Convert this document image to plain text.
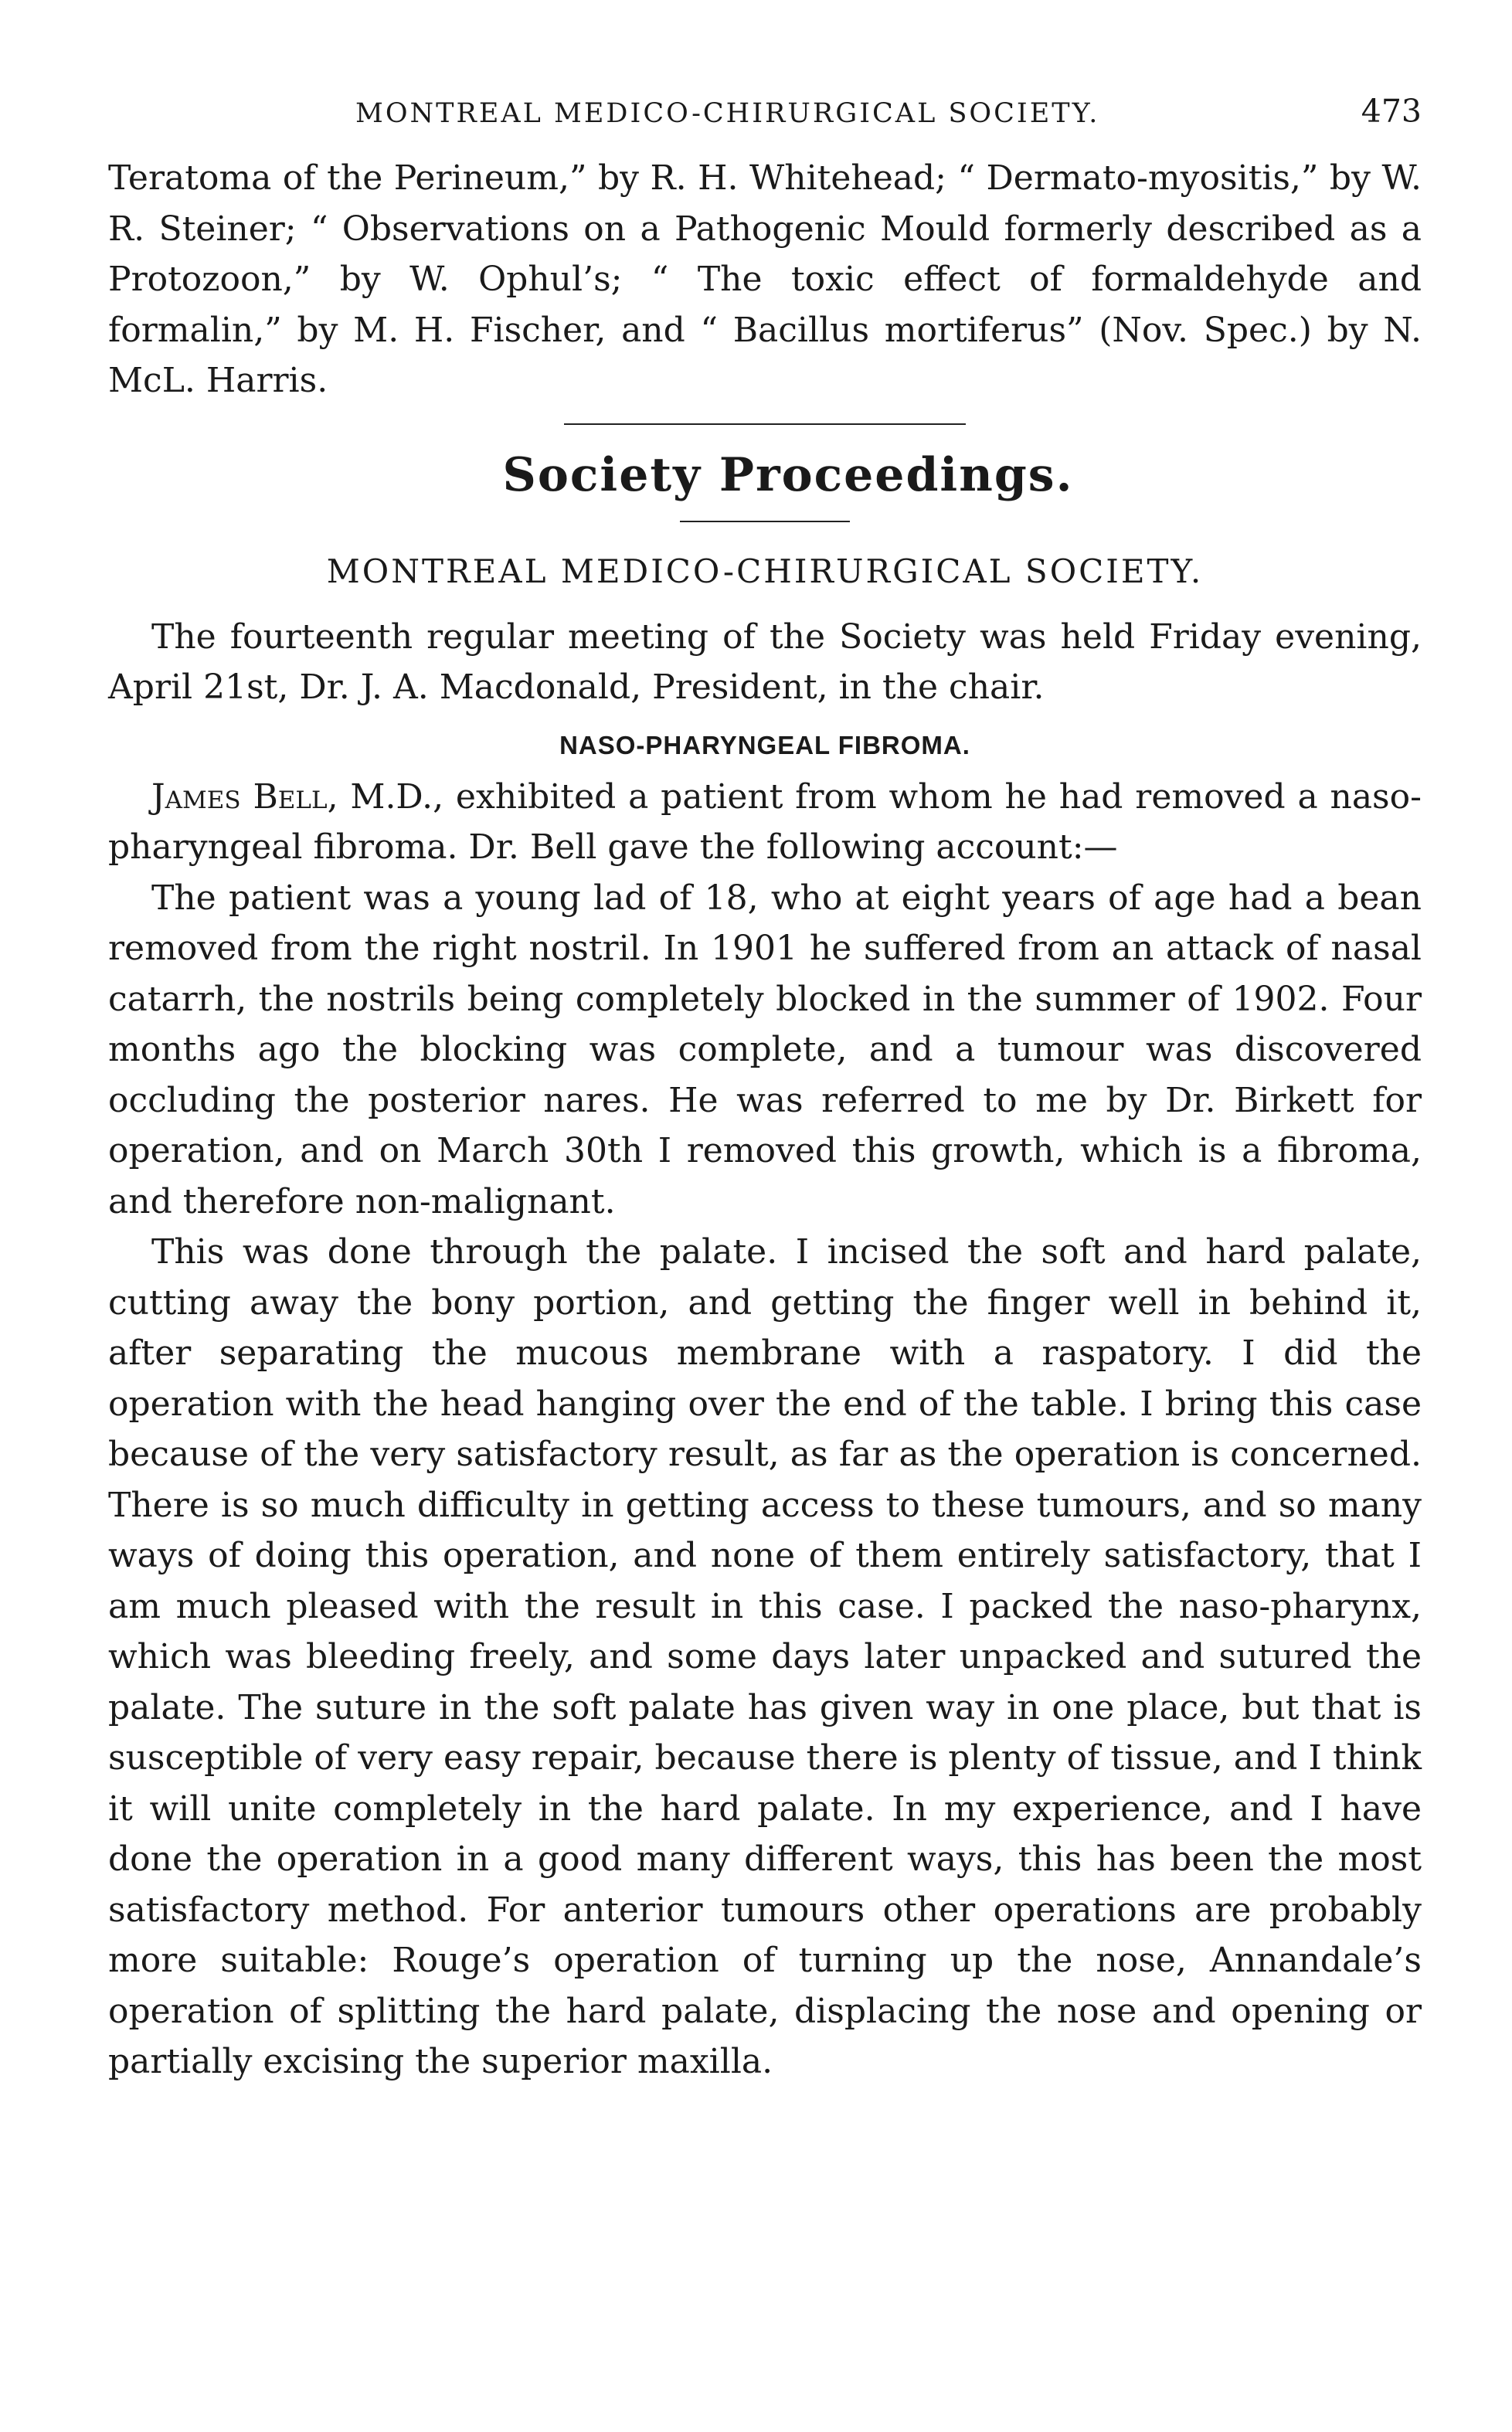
MONTREAL MEDICO-CHIRURGICAL SOCIETY.	473

Teratoma of the Perineum,” by R. H. Whitehead; “ Dermato-myositis,” by W. R. Steiner; “ Observations on a Pathogenic Mould formerly described as a Protozoon,” by W. Ophul’s; “ The toxic effect of formaldehyde and formalin,” by M. H. Fischer, and “ Bacillus mortiferus” (Nov. Spec.) by N. McL. Harris.

Society Proceedings.
MONTREAL MEDICO-CHIRURGICAL SOCIETY.

The fourteenth regular meeting of the Society was held Friday evening, April 21st, Dr. J. A. Macdonald, President, in the chair.

NASO-PHARYNGEAL FIBROMA.

James Bell, M.D., exhibited a patient from whom he had removed a naso-pharyngeal fibroma. Dr. Bell gave the following account:—

The patient was a young lad of 18, who at eight years of age had a bean removed from the right nostril. In 1901 he suffered from an attack of nasal catarrh, the nostrils being completely blocked in the summer of 1902. Four months ago the blocking was complete, and a tumour was discovered occluding the posterior nares. He was referred to me by Dr. Birkett for operation, and on March 30th I removed this growth, which is a fibroma, and therefore non-malignant.

This was done through the palate. I incised the soft and hard palate, cutting away the bony portion, and getting the finger well in behind it, after separating the mucous membrane with a raspatory. I did the operation with the head hanging over the end of the table. I bring this case because of the very satisfactory result, as far as the operation is concerned. There is so much difficulty in getting access to these tumours, and so many ways of doing this operation, and none of them entirely satisfactory, that I am much pleased with the result in this case. I packed the naso-pharynx, which was bleeding freely, and some days later unpacked and sutured the palate. The suture in the soft palate has given way in one place, but that is susceptible of very easy repair, because there is plenty of tissue, and I think it will unite completely in the hard palate. In my experience, and I have done the operation in a good many different ways, this has been the most satisfactory method. For anterior tumours other operations are probably more suitable: Rouge’s operation of turning up the nose, Annandale’s operation of splitting the hard palate, displacing the nose and opening or partially excising the superior maxilla.
